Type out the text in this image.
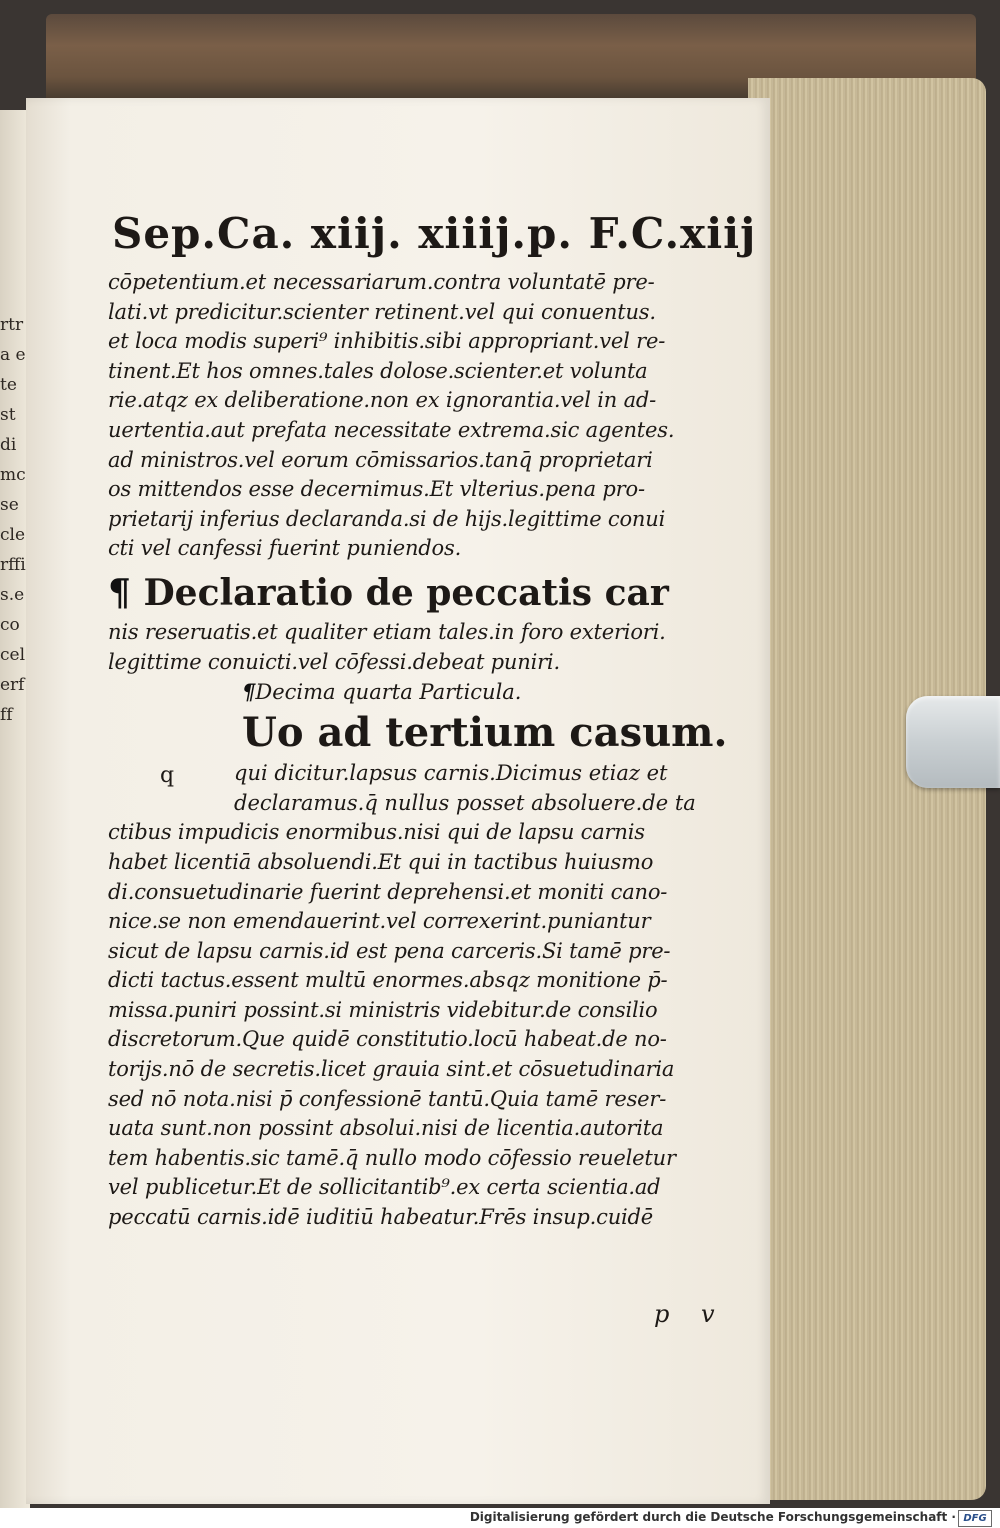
rtra ete stdimcseclerffis.ecocelerfff
Sep.Ca. xiij. xiiij.p. F.C.xiij
cōpetentium.et necessariarum.contra voluntatē pre-
lati.vt predicitur.scienter retinent.vel qui conuentus.
et loca modis superi⁹ inhibitis.sibi appropriant.vel re-
tinent.Et hos omnes.tales dolose.scienter.et volunta
rie.atqz ex deliberatione.non ex ignorantia.vel in ad-
uertentia.aut prefata necessitate extrema.sic agentes.
ad ministros.vel eorum cōmissarios.tanq̄ proprietari
os mittendos esse decernimus.Et vlterius.pena pro-
prietarij inferius declaranda.si de hijs.legittime conui
cti vel canfessi fuerint puniendos.
¶ Declaratio de peccatis car
nis reseruatis.et qualiter etiam tales.in foro exteriori.
legittime conuicti.vel cōfessi.debeat puniri.
¶Decima quarta Particula.
Uo ad tertium casum.
q	qui dicitur.lapsus carnis.Dicimus etiaz et
declaramus.q̄ nullus posset absoluere.de ta
ctibus impudicis enormibus.nisi qui de lapsu carnis
habet licentiā absoluendi.Et qui in tactibus huiusmo
di.consuetudinarie fuerint deprehensi.et moniti cano-
nice.se non emendauerint.vel correxerint.puniantur
sicut de lapsu carnis.id est pena carceris.Si tamē pre-
dicti tactus.essent multū enormes.absqz monitione p̄-
missa.puniri possint.si ministris videbitur.de consilio
discretorum.Que quidē constitutio.locū habeat.de no-
torijs.nō de secretis.licet grauia sint.et cōsuetudinaria
sed nō nota.nisi p̄ confessionē tantū.Quia tamē reser-
uata sunt.non possint absolui.nisi de licentia.autorita
tem habentis.sic tamē.q̄ nullo modo cōfessio reueletur
vel publicetur.Et de sollicitantib⁹.ex certa scientia.ad
peccatū carnis.idē iuditiū habeatur.Frēs insup.cuidē
p v
Digitalisierung gefördert durch die Deutsche Forschungsgemeinschaft · DFG
